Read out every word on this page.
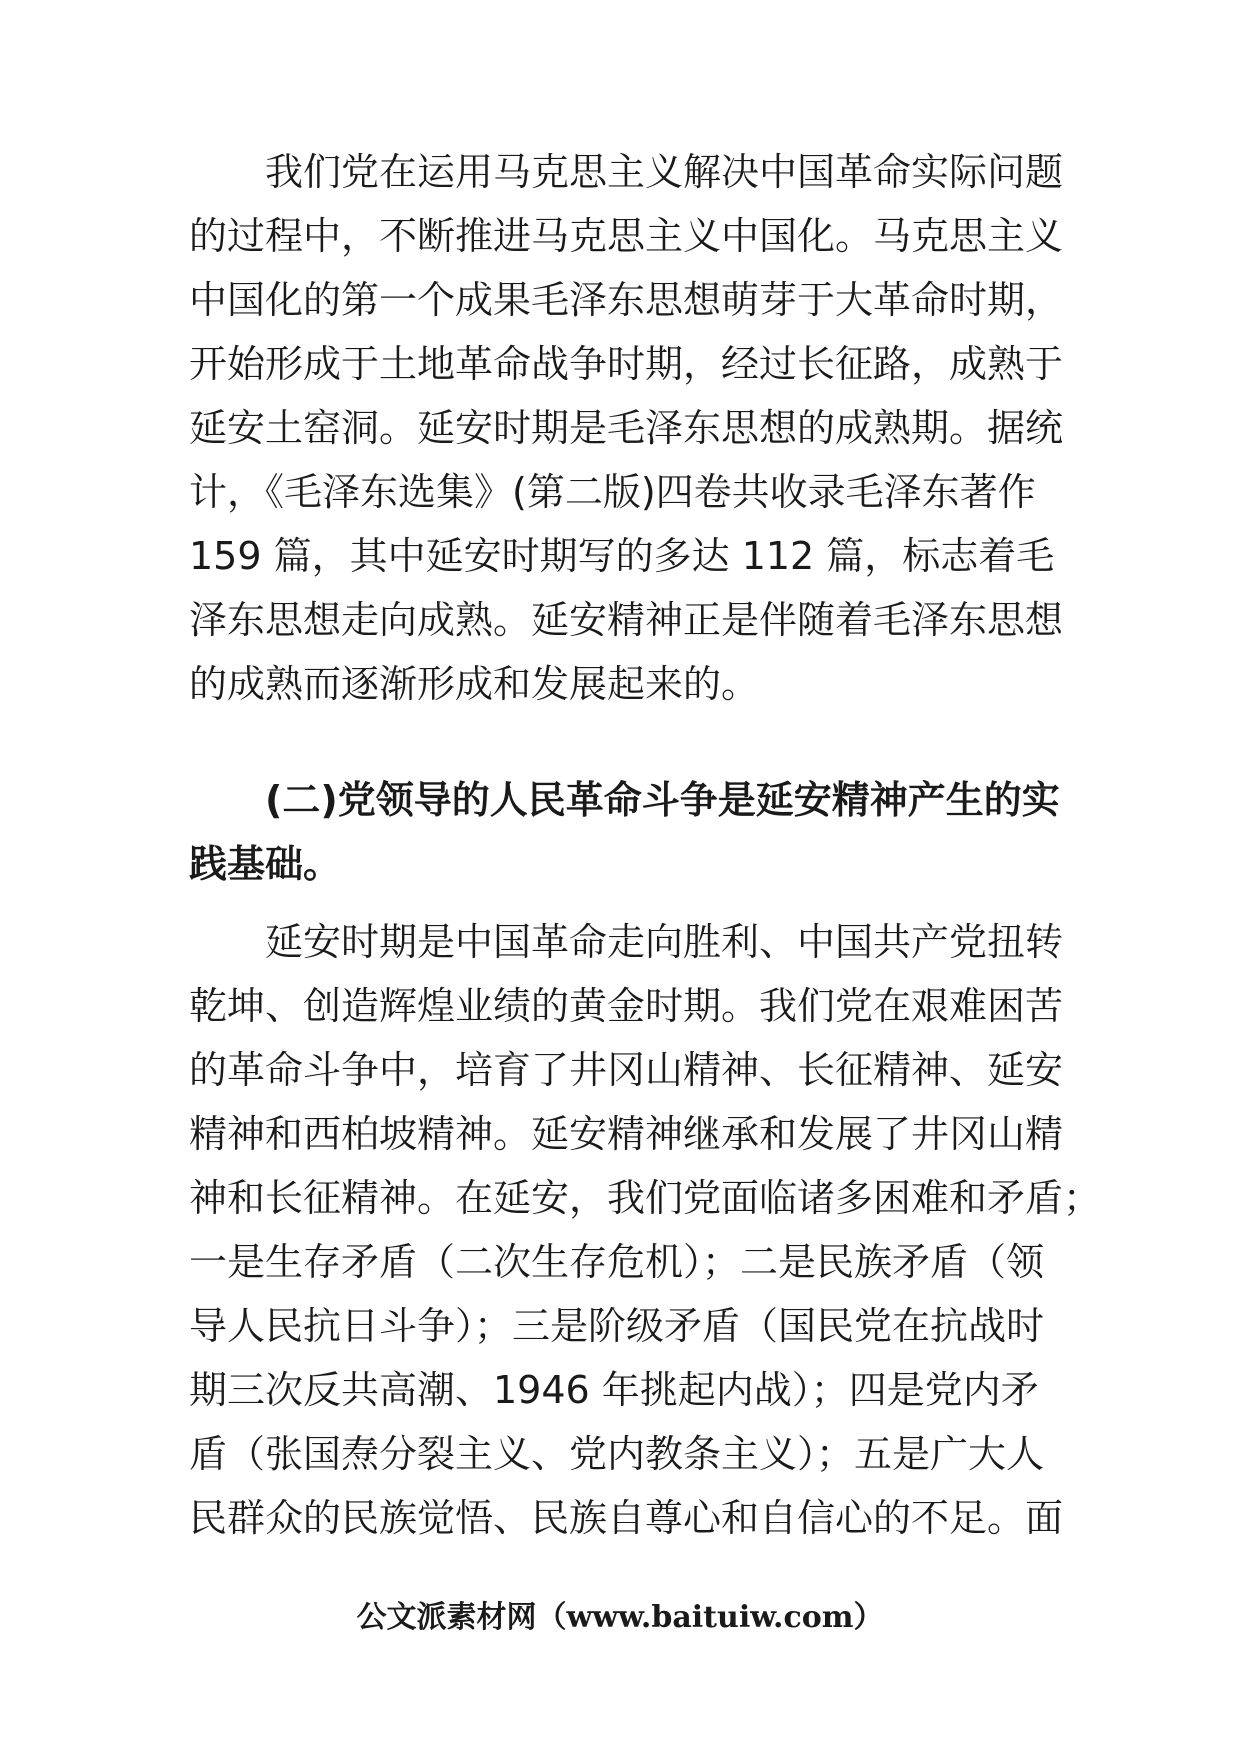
我们党在运用马克思主义解决中国革命实际问题
的过程中，不断推进马克思主义中国化。马克思主义
中国化的第一个成果毛泽东思想萌芽于大革命时期，
开始形成于土地革命战争时期，经过长征路，成熟于
延安土窑洞。延安时期是毛泽东思想的成熟期。据统
计，《毛泽东选集》(第二版)四卷共收录毛泽东著作
159 篇，其中延安时期写的多达 112 篇，标志着毛
泽东思想走向成熟。延安精神正是伴随着毛泽东思想
的成熟而逐渐形成和发展起来的。
(二)党领导的人民革命斗争是延安精神产生的实
践基础。
延安时期是中国革命走向胜利、中国共产党扭转
乾坤、创造辉煌业绩的黄金时期。我们党在艰难困苦
的革命斗争中，培育了井冈山精神、长征精神、延安
精神和西柏坡精神。延安精神继承和发展了井冈山精
神和长征精神。在延安，我们党面临诸多困难和矛盾；
一是生存矛盾（二次生存危机）；二是民族矛盾（领
导人民抗日斗争）；三是阶级矛盾（国民党在抗战时
期三次反共高潮、1946 年挑起内战）；四是党内矛
盾（张国焘分裂主义、党内教条主义）；五是广大人
民群众的民族觉悟、民族自尊心和自信心的不足。面
公文派素材网（www.baituiw.com）
